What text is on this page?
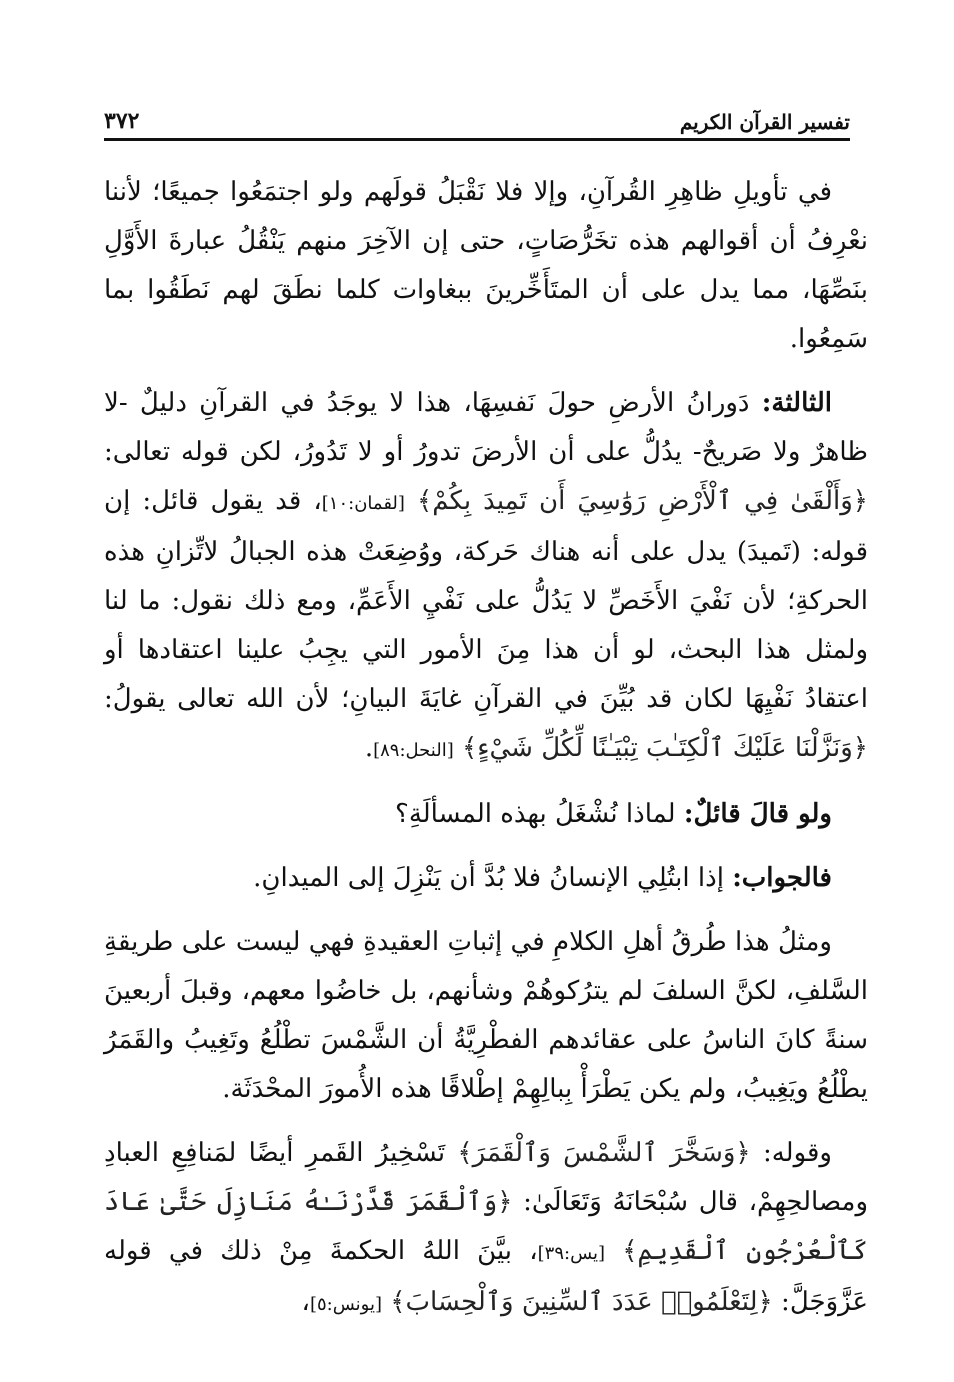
٣٧٢	تفسير القرآن الكريم

في تأويلِ ظاهِرِ القُرآنِ، وإلا فلا نَقْبَلُ قولَهم ولو اجتمَعُوا جميعًا؛ لأننا نعْرِفُ أن أقوالهم هذه تخَرُّصَاتٍ، حتى إن الآخِرَ منهم يَنْقُلُ عبارةَ الأَوَّلِ بنَصِّهَا، مما يدل على أن المتَأَخِّرينَ ببغاوات كلما نطَقَ لهم نَطَقُوا بما سَمِعُوا.

الثالثة: دَورانُ الأرضِ حولَ نَفسِهَا، هذا لا يوجَدُ في القرآنِ دليلٌ -لا ظاهرٌ ولا صَريحٌ- يدُلُّ على أن الأرضَ تدورُ أو لا تَدُورُ، لكن قوله تعالى: ﴿وَأَلْقَىٰ فِي ٱلْأَرْضِ رَوَٰسِيَ أَن تَمِيدَ بِكُمْ﴾ [لقمان:١٠]، قد يقول قائل: إن قوله: (تَميدَ) يدل على أنه هناك حَركة، ووُضِعَتْ هذه الجبالُ لاتِّزانِ هذه الحركةِ؛ لأن نَفْيَ الأَخَصِّ لا يَدُلُّ على نَفْيِ الأَعَمِّ، ومع ذلك نقول: ما لنا ولمثل هذا البحث، لو أن هذا مِنَ الأمور التي يجِبُ علينا اعتقادها أو اعتقادُ نَفْيِهَا لكان قد بُيِّنَ في القرآنِ غايَةَ البيانِ؛ لأن الله تعالى يقولُ: ﴿وَنَزَّلْنَا عَلَيْكَ ٱلْكِتَـٰبَ تِبْيَـٰنًا لِّكُلِّ شَيْءٍ﴾ [النحل:٨٩].

ولو قالَ قائلٌ: لماذا نُشْغَلُ بهذه المسألَةِ؟

فالجواب: إذا ابتُلِي الإنسانُ فلا بُدَّ أن يَنْزِلَ إلى الميدانِ.

ومثلُ هذا طُرقُ أهلِ الكلامِ في إثباتِ العقيدةِ فهي ليست على طريقةِ السَّلفِ، لكنَّ السلفَ لم يترُكوهُمْ وشأنهم، بل خاضُوا معهم، وقبلَ أربعينَ سنةً كانَ الناسُ على عقائدهم الفطْرِيَّةُ أن الشَّمْسَ تطْلُعُ وتَغِيبُ والقَمَرُ يطْلُعُ ويَغِيبُ، ولم يكن يَطْرَأْ بِبالِهِمْ إطْلاقًا هذه الأُمورَ المحْدَثَة.

وقوله: ﴿وَسَخَّرَ ٱلشَّمْسَ وَٱلْقَمَرَ﴾ تَسْخِيرُ القَمرِ أيضًا لمَنافِعِ العبادِ ومصالحِهِمْ، قال سُبْحَانَهُ وَتَعَالَىٰ: ﴿وَٱلْقَمَرَ قَدَّرْنَـٰهُ مَنَازِلَ حَتَّىٰ عَادَ كَٱلْعُرْجُونِ ٱلْقَدِيمِ﴾ [يس:٣٩]، بيَّنَ اللهُ الحكمةَ مِنْ ذلك في قوله عَزَّوَجَلَّ: ﴿لِتَعْلَمُوا۟ عَدَدَ ٱلسِّنِينَ وَٱلْحِسَابَ﴾ [يونس:٥]،
